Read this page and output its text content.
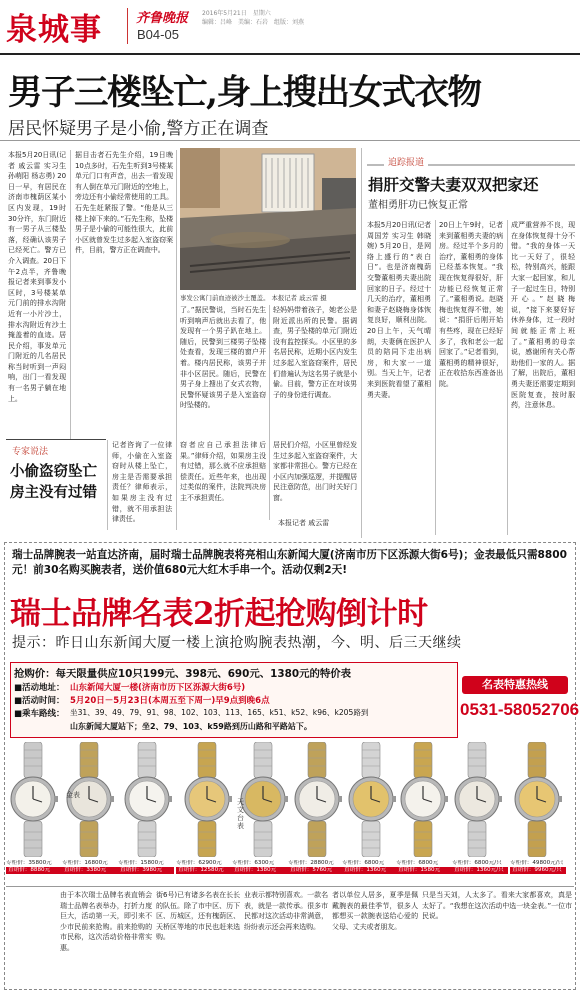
泉城事	齐鲁晚报 2016年5月21日　星期六
编辑：吕峰　美编：石岩　组版：刘燕
B04-05
男子三楼坠亡,身上搜出女式衣物
居民怀疑男子是小偷,警方正在调查
本报5月20日讯(记者 戚云雷 实习生 孙萌阳 杨志勇) 20日一早，有居民在济南市槐荫区某小区内发现，19时30分许，东门附近有一男子从三楼坠落，经确认该男子已经死亡。警方已介入调查。20日下午2点半，齐鲁晚报记者来到事发小区时，3号楼某单元门前的排水沟附近有一小片沙土，排水沟附近有沙土掩盖着的血迹。居民介绍，事发单元门附近的几名居民称当时听到一声闷响，出门一看发现有一名男子躺在地上。
据目击者石先生介绍，19日晚10点多时，石先生听到3号楼某单元门口有声音，出去一看发现有人倒在单元门附近的空地上，旁边还有小偷经常使用的工具。石先生赶紧报了警。“他是从三楼上掉下来的。”石先生称，坠楼男子是小偷的可能性很大，此前小区就曾发生过多起入室盗窃案件，目前，警方正在调查中。
事发公寓门前血迹被沙土覆盖。 本报记者 戚云雷 摄
了。”据民警说，当时石先生听到响声后就出去看了，他发现有一个男子趴在地上。随后，民警到三楼男子坠楼处查看，发现三楼的窗户开着。楼内居民称，该男子并非小区居民。随后，民警在男子身上搜出了女式衣物，民警怀疑该男子是入室盗窃时坠楼的。
轻妈妈带着孩子，她老公是附近派出所的民警。据调查，男子坠楼的单元门附近没有监控探头。小区里的多名居民称，近期小区内发生过多起入室盗窃案件，居民们普遍认为这名男子就是小偷。目前，警方正在对该男子的身份进行调查。
专家说法
小偷盗窃坠亡
房主没有过错
记者咨询了一位律师，小偷在入室盗窃时从楼上坠亡，房主是否需要承担责任？律师表示，如果房主没有过错，就不用承担法律责任。
窃者应自己承担法律后果。”律师介绍，如果房主没有过错，那么就不应承担赔偿责任。近些年来，也出现过类似的案件，法院判决房主不承担责任。
居民们介绍，小区里曾经发生过多起入室盗窃案件，大家都非常担心。警方已经在小区内加强巡逻，并提醒居民注意防范，出门时关好门窗。
本报记者 戚云雷
追踪报道
捐肝交警夫妻双双把家还
董相勇肝功已恢复正常
本报5月20日讯(记者 周国芳 实习生 韩晓婉) 5月20日，是网络上盛行的“表白日”。也是济南槐荫交警董相勇夫妻出院回家的日子。经过十几天的治疗，董相勇和妻子赵晓梅身体恢复良好，顺利出院。20日上午，天气晴朗，夫妻俩在医护人员的陪同下走出病房，和大家一一道别。当天上午，记者来到医院看望了董相勇夫妻。
20日上午9时，记者来到董相勇夫妻的病房。经过半个多月的治疗，董相勇的身体已经基本恢复。“我现在恢复得很好，肝功能已经恢复正常了。”董相勇说。赵晓梅也恢复得不错，她说：“捐肝后刚开始有些疼，现在已经好多了，我和老公一起回家了。”记者看到，董相勇的精神很好，正在收拾东西准备出院。
成严重营养不良，现在身体恢复得十分不错。“我的身体一天比一天好了，很轻松，特别高兴，能跟大家一起回家，和儿子一起过生日，特别开心。”赵晓梅说，“接下来要好好休养身体，过一段时间就能正常上班了。”董相勇的母亲说，感谢所有关心帮助他们一家的人。据了解，出院后，董相勇夫妻还需要定期到医院复查，按时服药，注意休息。
瑞士品牌腕表一站直达济南，届时瑞士品牌腕表将亮相山东新闻大厦(济南市历下区泺源大街6号)；金表最低只需8800元！前30名购买腕表者，送价值680元大红木手串一个。活动仅剩2天!
瑞士品牌名表2折起抢购倒计时
提示：昨日山东新闻大厦一楼上演抢购腕表热潮，今、明、后三天继续
抢购价：每天限量供应10只199元、398元、690元、1380元的特价表
■活动地址： 山东新闻大厦一楼(济南市历下区泺源大街6号)
■活动时间： 5月20日－5月23日(本周五至下周一)早9点到晚6点
■乘车路线： 坐31、39、49、79、91、98、102、103、113、165、k51、k52、k96、k205路到
山东新闻大厦站下；坐2、79、103、k59路到历山路和平路站下。
名表特惠热线
0531-58052706
金表
天文台表
专柜价：35800元
直销价：8880元
专柜价：16800元
直销价：3380元
专柜价：15800元
直销价：3980元
专柜价：62900元
直销价：12580元
专柜价：6300元
直销价：1380元
专柜价：28800元
直销价：5760元
专柜价：6800元
直销价：1360元
专柜价：6800元
直销价：1580元
专柜价：6800元/只
直销价：1360元/只
专柜价：49800元/只
直销价：9960元/只
由于本次瑞士品牌名表直销会瑞士品牌名表举办，打折力度巨大，活动第一天，即引来不少市民前来抢购。前来抢购的市民称，这次活动价格非常实惠。
街6号)已有诸多名表在长长的队伍。除了市中区、历下区、历城区，还有槐荫区、天桥区等地的市民也赶来选购。
业表示都特别喜欢。一款名表，就是一款传承。很多市民都对这次活动非常满意，纷纷表示还会再来选购。
者以单位人居多，夏季是佩戴腕表的最佳季节，很多人都想买一款腕表送给心爱的父母、丈夫或者朋友。
只是当天刘，人太多了。看来大家都喜欢，真是太好了。“我想在这次活动中选一块金表。”一位市民说。
